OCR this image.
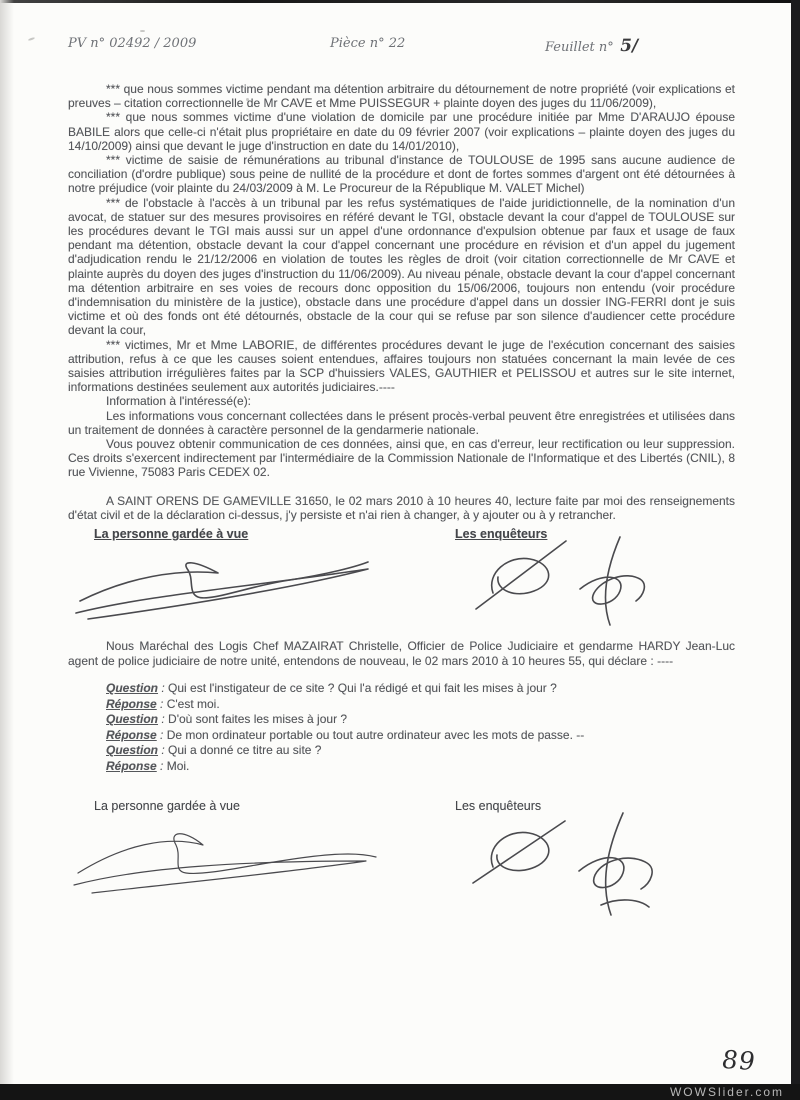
PV n° 02492 / 2009	Pièce n° 22	Feuillet n° 5/

*** que nous sommes victime pendant ma détention arbitraire du détournement de notre propriété (voir explications et preuves – citation correctionnelle de Mr CAVE et Mme PUISSEGUR + plainte doyen des juges du 11/06/2009),

*** que nous sommes victime d'une violation de domicile par une procédure initiée par Mme D'ARAUJO épouse BABILE alors que celle-ci n'était plus propriétaire en date du 09 février 2007 (voir explications – plainte doyen des juges du 14/10/2009) ainsi que devant le juge d'instruction en date du 14/01/2010),

*** victime de saisie de rémunérations au tribunal d'instance de TOULOUSE de 1995 sans aucune audience de conciliation (d'ordre publique) sous peine de nullité de la procédure et dont de fortes sommes d'argent ont été détournées à notre préjudice (voir plainte du 24/03/2009 à M. Le Procureur de la République M. VALET Michel)

*** de l'obstacle à l'accès à un tribunal par les refus systématiques de l'aide juridictionnelle, de la nomination d'un avocat, de statuer sur des mesures provisoires en référé devant le TGI, obstacle devant la cour d'appel de TOULOUSE sur les procédures devant le TGI mais aussi sur un appel d'une ordonnance d'expulsion obtenue par faux et usage de faux pendant ma détention, obstacle devant la cour d'appel concernant une procédure en révision et d'un appel du jugement d'adjudication rendu le 21/12/2006 en violation de toutes les règles de droit (voir citation correctionnelle de Mr CAVE et plainte auprès du doyen des juges d'instruction du 11/06/2009). Au niveau pénale, obstacle devant la cour d'appel concernant ma détention arbitraire en ses voies de recours donc opposition du 15/06/2006, toujours non entendu (voir procédure d'indemnisation du ministère de la justice), obstacle dans une procédure d'appel dans un dossier ING-FERRI dont je suis victime et où des fonds ont été détournés, obstacle de la cour qui se refuse par son silence d'audiencer cette procédure devant la cour,

*** victimes, Mr et Mme LABORIE, de différentes procédures devant le juge de l'exécution concernant des saisies attribution, refus à ce que les causes soient entendues, affaires toujours non statuées concernant la main levée de ces saisies attribution irrégulières faites par la SCP d'huissiers VALES, GAUTHIER et PELISSOU et autres sur le site internet, informations destinées seulement aux autorités judiciaires.----

Information à l'intéressé(e):

Les informations vous concernant collectées dans le présent procès-verbal peuvent être enregistrées et utilisées dans un traitement de données à caractère personnel de la gendarmerie nationale.

Vous pouvez obtenir communication de ces données, ainsi que, en cas d'erreur, leur rectification ou leur suppression. Ces droits s'exercent indirectement par l'intermédiaire de la Commission Nationale de l'Informatique et des Libertés (CNIL), 8 rue Vivienne, 75083 Paris CEDEX 02.

A SAINT ORENS DE GAMEVILLE 31650, le 02 mars 2010 à 10 heures 40, lecture faite par moi des renseignements d'état civil et de la déclaration ci-dessus, j'y persiste et n'ai rien à changer, à y ajouter ou à y retrancher.

La personne gardée à vue	Les enquêteurs

Nous Maréchal des Logis Chef MAZAIRAT Christelle, Officier de Police Judiciaire et gendarme HARDY Jean-Luc agent de police judiciaire de notre unité, entendons de nouveau, le 02 mars 2010 à 10 heures 55, qui déclare : ----

Question : Qui est l'instigateur de ce site ? Qui l'a rédigé et qui fait les mises à jour ?
Réponse : C'est moi.
Question : D'où sont faites les mises à jour ?
Réponse : De mon ordinateur portable ou tout autre ordinateur avec les mots de passe. --
Question : Qui a donné ce titre au site ?
Réponse : Moi.
La personne gardée à vue	Les enquêteurs
89
WOWSlider.com
